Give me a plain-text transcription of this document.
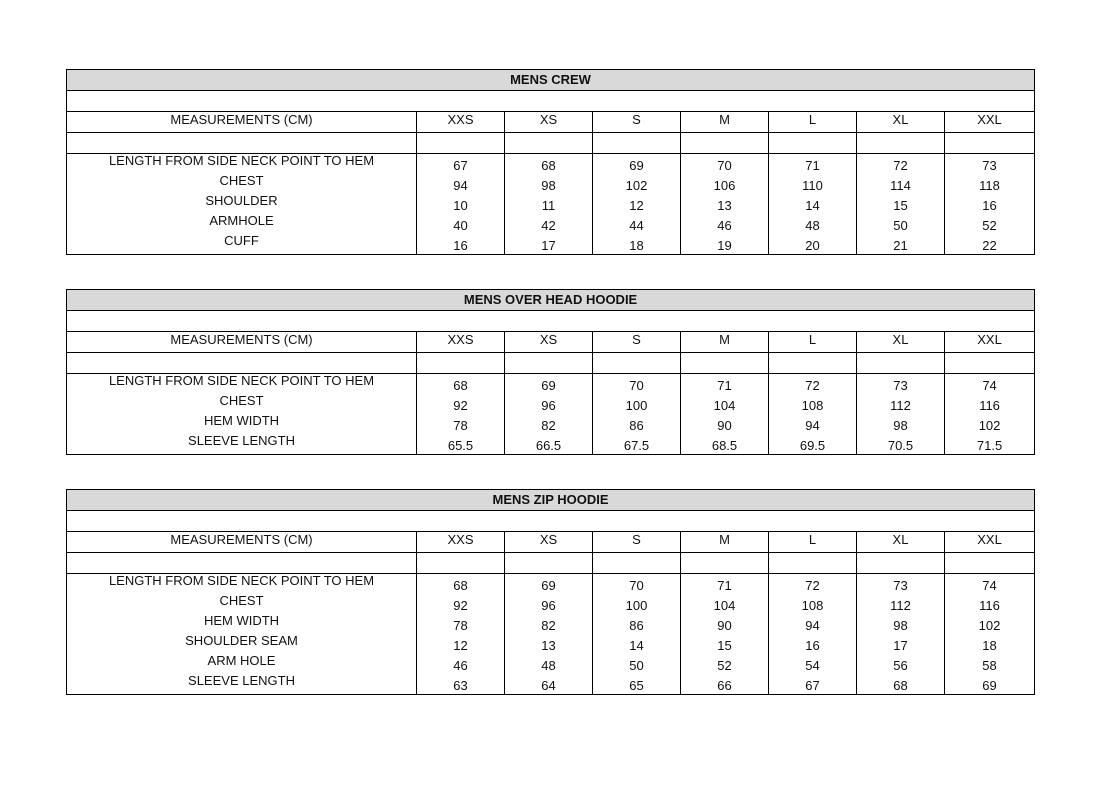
MENS CREW							

MEASUREMENTS (CM)	XXS	XS	S	M	L	XL	XXL

LENGTH FROM SIDE NECK POINT TO HEM	67	68	69	70	71	72	73
CHEST	94	98	102	106	110	114	118
SHOULDER	10	11	12	13	14	15	16
ARMHOLE	40	42	44	46	48	50	52
CUFF	16	17	18	19	20	21	22
MENS OVER HEAD HOODIE							

MEASUREMENTS (CM)	XXS	XS	S	M	L	XL	XXL

LENGTH FROM SIDE NECK POINT TO HEM	68	69	70	71	72	73	74
CHEST	92	96	100	104	108	112	116
HEM WIDTH	78	82	86	90	94	98	102
SLEEVE LENGTH	65.5	66.5	67.5	68.5	69.5	70.5	71.5
MENS ZIP HOODIE							

MEASUREMENTS (CM)	XXS	XS	S	M	L	XL	XXL

LENGTH FROM SIDE NECK POINT TO HEM	68	69	70	71	72	73	74
CHEST	92	96	100	104	108	112	116
HEM WIDTH	78	82	86	90	94	98	102
SHOULDER SEAM	12	13	14	15	16	17	18
ARM HOLE	46	48	50	52	54	56	58
SLEEVE LENGTH	63	64	65	66	67	68	69
